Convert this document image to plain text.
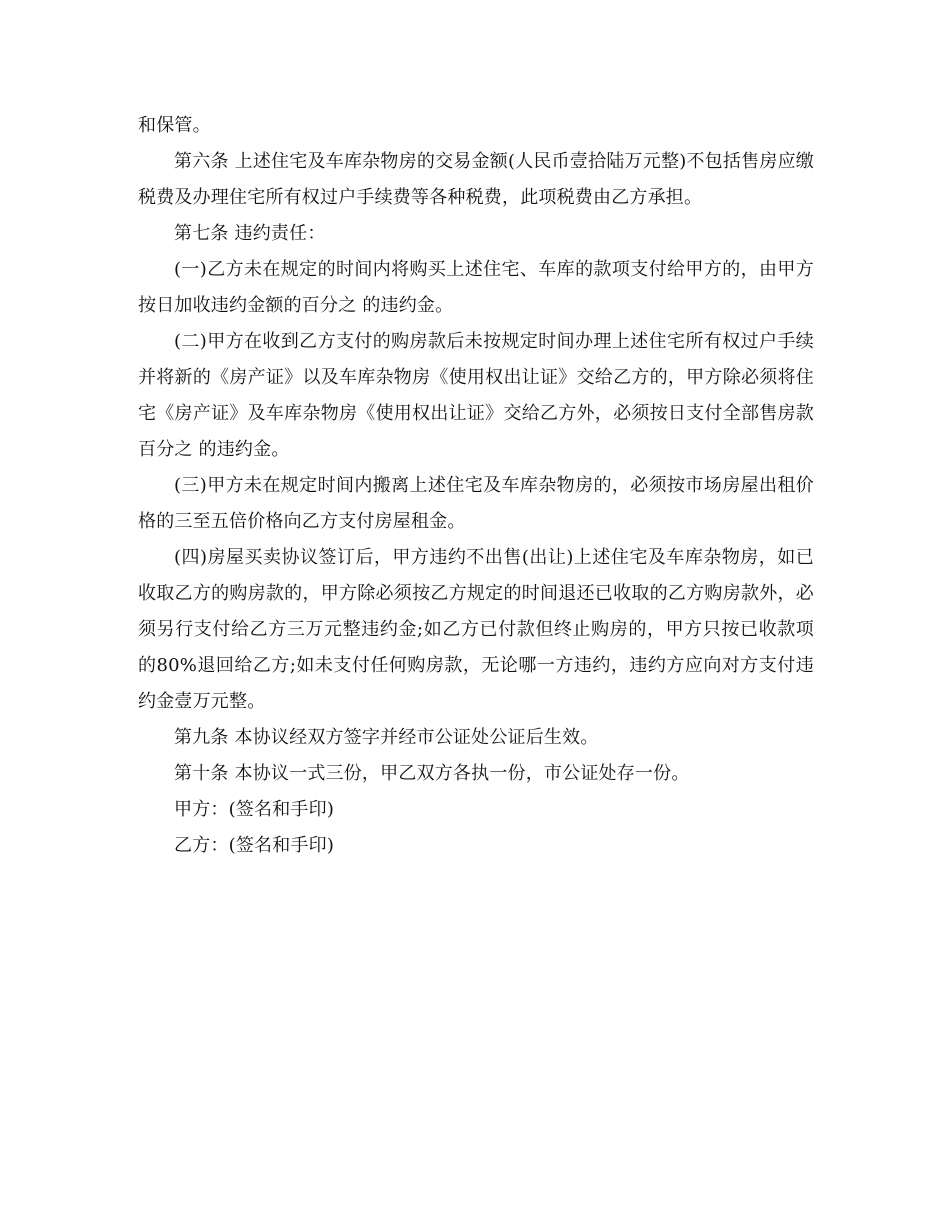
和保管。

第六条 上述住宅及车库杂物房的交易金额(人民币壹拾陆万元整)不包括售房应缴税费及办理住宅所有权过户手续费等各种税费，此项税费由乙方承担。

第七条 违约责任：

(一)乙方未在规定的时间内将购买上述住宅、车库的款项支付给甲方的，由甲方按日加收违约金额的百分之 的违约金。

(二)甲方在收到乙方支付的购房款后未按规定时间办理上述住宅所有权过户手续并将新的《房产证》以及车库杂物房《使用权出让证》交给乙方的，甲方除必须将住宅《房产证》及车库杂物房《使用权出让证》交给乙方外，必须按日支付全部售房款百分之 的违约金。

(三)甲方未在规定时间内搬离上述住宅及车库杂物房的，必须按市场房屋出租价格的三至五倍价格向乙方支付房屋租金。

(四)房屋买卖协议签订后，甲方违约不出售(出让)上述住宅及车库杂物房，如已收取乙方的购房款的，甲方除必须按乙方规定的时间退还已收取的乙方购房款外，必须另行支付给乙方三万元整违约金;如乙方已付款但终止购房的，甲方只按已收款项的80%退回给乙方;如未支付任何购房款，无论哪一方违约，违约方应向对方支付违约金壹万元整。

第九条 本协议经双方签字并经市公证处公证后生效。

第十条 本协议一式三份，甲乙双方各执一份，市公证处存一份。

甲方：(签名和手印)

乙方：(签名和手印)
